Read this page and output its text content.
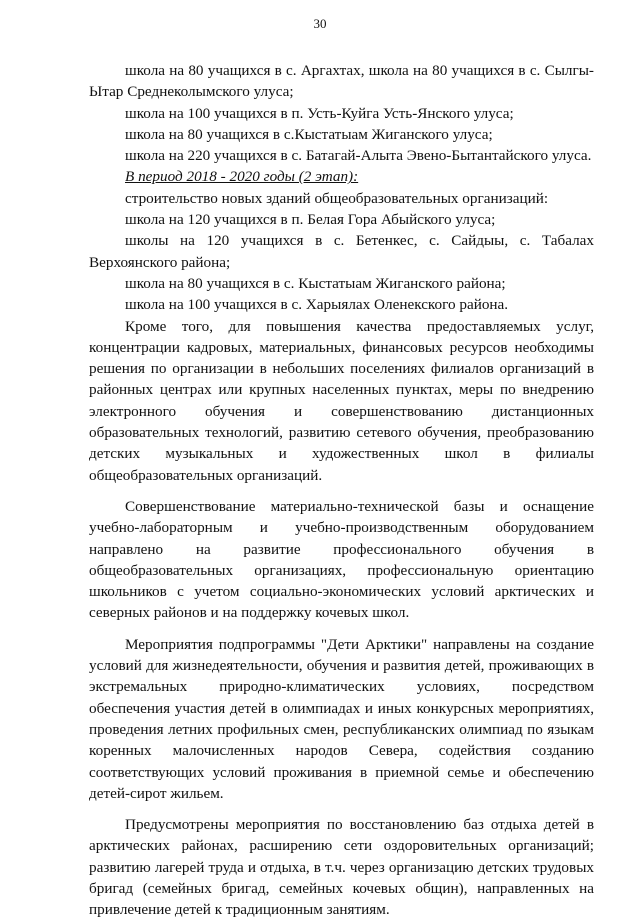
30

школа на 80 учащихся в с. Аргахтах, школа на 80 учащихся в с. Сылгы-Ытар Среднеколымского улуса;

школа на 100 учащихся в п. Усть-Куйга Усть-Янского улуса;

школа на 80 учащихся в с.Кыстатыам Жиганского улуса;

школа на 220 учащихся в с. Батагай-Алыта Эвено-Бытантайского улуса.

В период 2018 - 2020 годы (2 этап):

строительство новых зданий общеобразовательных организаций:

школа на 120 учащихся в п. Белая Гора Абыйского улуса;

школы на 120 учащихся в с. Бетенкес, с. Сайдыы, с. Табалах Верхоянского района;

школа на 80 учащихся в с. Кыстатыам Жиганского района;

школа на 100 учащихся в с. Харыялах Оленекского района.

Кроме того, для повышения качества предоставляемых услуг, концентрации кадровых, материальных, финансовых ресурсов необходимы решения по организации в небольших поселениях филиалов организаций в районных центрах или крупных населенных пунктах, меры по внедрению электронного обучения и совершенствованию дистанционных образовательных технологий, развитию сетевого обучения, преобразованию детских музыкальных и художественных школ в филиалы общеобразовательных организаций.

Совершенствование материально-технической базы и оснащение учебно-лабораторным и учебно-производственным оборудованием направлено на развитие профессионального обучения в общеобразовательных организациях, профессиональную ориентацию школьников с учетом социально-экономических условий арктических и северных районов и на поддержку кочевых школ.

Мероприятия подпрограммы "Дети Арктики" направлены на создание условий для жизнедеятельности, обучения и развития детей, проживающих в экстремальных природно-климатических условиях, посредством обеспечения участия детей в олимпиадах и иных конкурсных мероприятиях, проведения летних профильных смен, республиканских олимпиад по языкам коренных малочисленных народов Севера, содействия созданию соответствующих условий проживания в приемной семье и обеспечению детей-сирот жильем.

Предусмотрены мероприятия по восстановлению баз отдыха детей в арктических районах, расширению сети оздоровительных организаций; развитию лагерей труда и отдыха, в т.ч. через организацию детских трудовых бригад (семейных бригад, семейных кочевых общин), направленных на привлечение детей к традиционным занятиям.
